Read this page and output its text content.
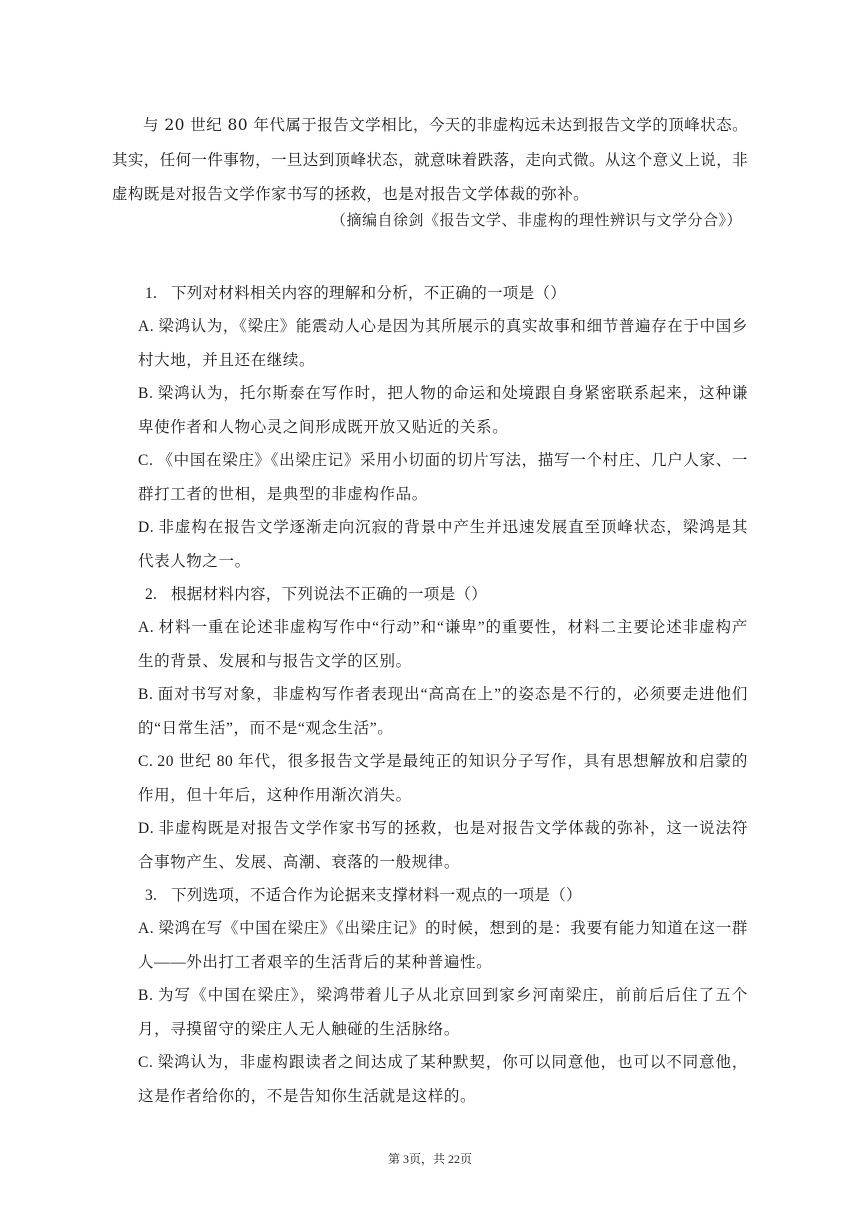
与 20 世纪 80 年代属于报告文学相比，今天的非虚构远未达到报告文学的顶峰状态。其实，任何一件事物，一旦达到顶峰状态，就意味着跌落，走向式微。从这个意义上说，非虚构既是对报告文学作家书写的拯救，也是对报告文学体裁的弥补。

（摘编自徐剑《报告文学、非虚构的理性辨识与文学分合》）
1. 下列对材料相关内容的理解和分析，不正确的一项是（）
A. 梁鸿认为，《梁庄》能震动人心是因为其所展示的真实故事和细节普遍存在于中国乡村大地，并且还在继续。
B. 梁鸿认为，托尔斯泰在写作时，把人物的命运和处境跟自身紧密联系起来，这种谦卑使作者和人物心灵之间形成既开放又贴近的关系。
C. 《中国在梁庄》《出梁庄记》采用小切面的切片写法，描写一个村庄、几户人家、一群打工者的世相，是典型的非虚构作品。
D. 非虚构在报告文学逐渐走向沉寂的背景中产生并迅速发展直至顶峰状态，梁鸿是其代表人物之一。
2. 根据材料内容，下列说法不正确的一项是（）
A. 材料一重在论述非虚构写作中“行动”和“谦卑”的重要性，材料二主要论述非虚构产生的背景、发展和与报告文学的区别。
B. 面对书写对象，非虚构写作者表现出“高高在上”的姿态是不行的，必须要走进他们的“日常生活”，而不是“观念生活”。
C. 20 世纪 80 年代，很多报告文学是最纯正的知识分子写作，具有思想解放和启蒙的作用，但十年后，这种作用渐次消失。
D. 非虚构既是对报告文学作家书写的拯救，也是对报告文学体裁的弥补，这一说法符合事物产生、发展、高潮、衰落的一般规律。
3. 下列选项，不适合作为论据来支撑材料一观点的一项是（）
A. 梁鸿在写《中国在梁庄》《出梁庄记》的时候，想到的是：我要有能力知道在这一群人——外出打工者艰辛的生活背后的某种普遍性。
B. 为写《中国在梁庄》，梁鸿带着儿子从北京回到家乡河南梁庄，前前后后住了五个月，寻摸留守的梁庄人无人触碰的生活脉络。
C. 梁鸿认为，非虚构跟读者之间达成了某种默契，你可以同意他，也可以不同意他，这是作者给你的，不是告知你生活就是这样的。
第 3页，共 22页
